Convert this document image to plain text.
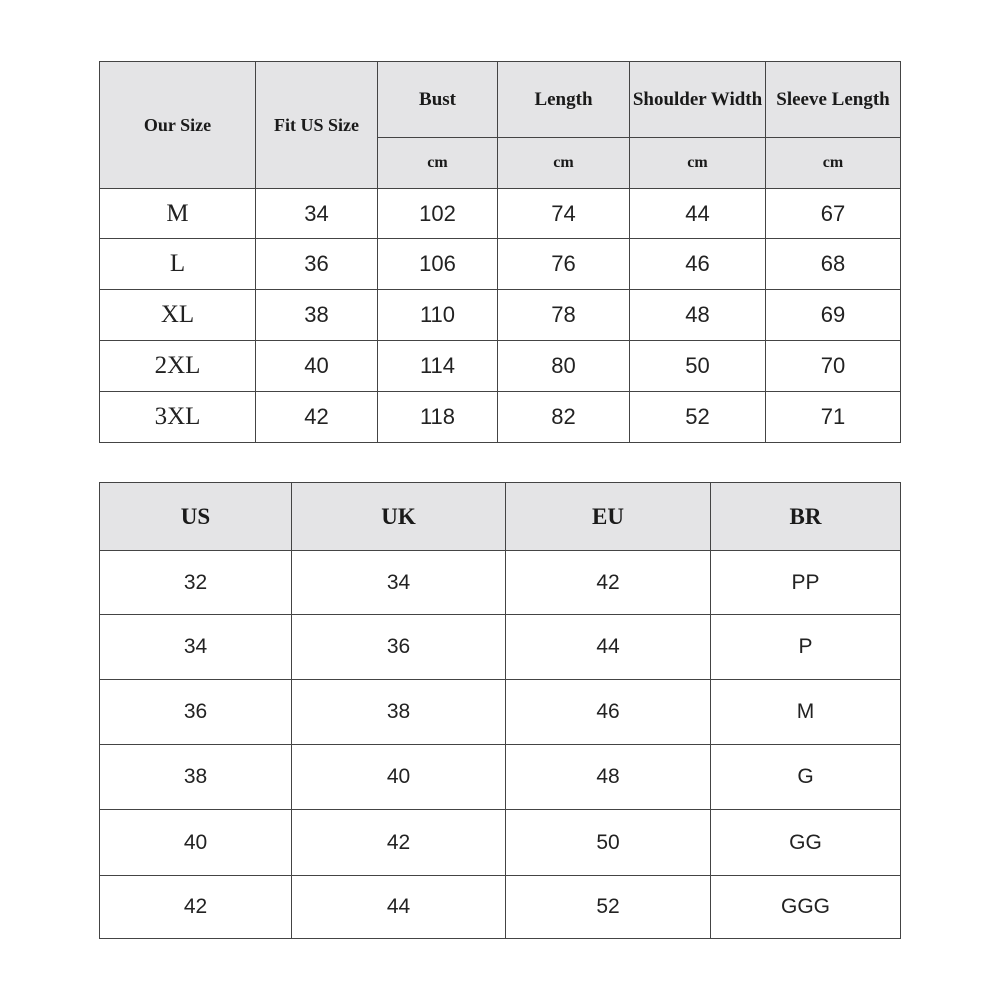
Our Size	Fit US Size	Bust	Length	Shoulder Width	Sleeve Length
		cm	cm	cm	cm
M	34	102	74	44	67
L	36	106	76	46	68
XL	38	110	78	48	69
2XL	40	114	80	50	70
3XL	42	118	82	52	71
US	UK	EU	BR
32	34	42	PP
34	36	44	P
36	38	46	M
38	40	48	G
40	42	50	GG
42	44	52	GGG
